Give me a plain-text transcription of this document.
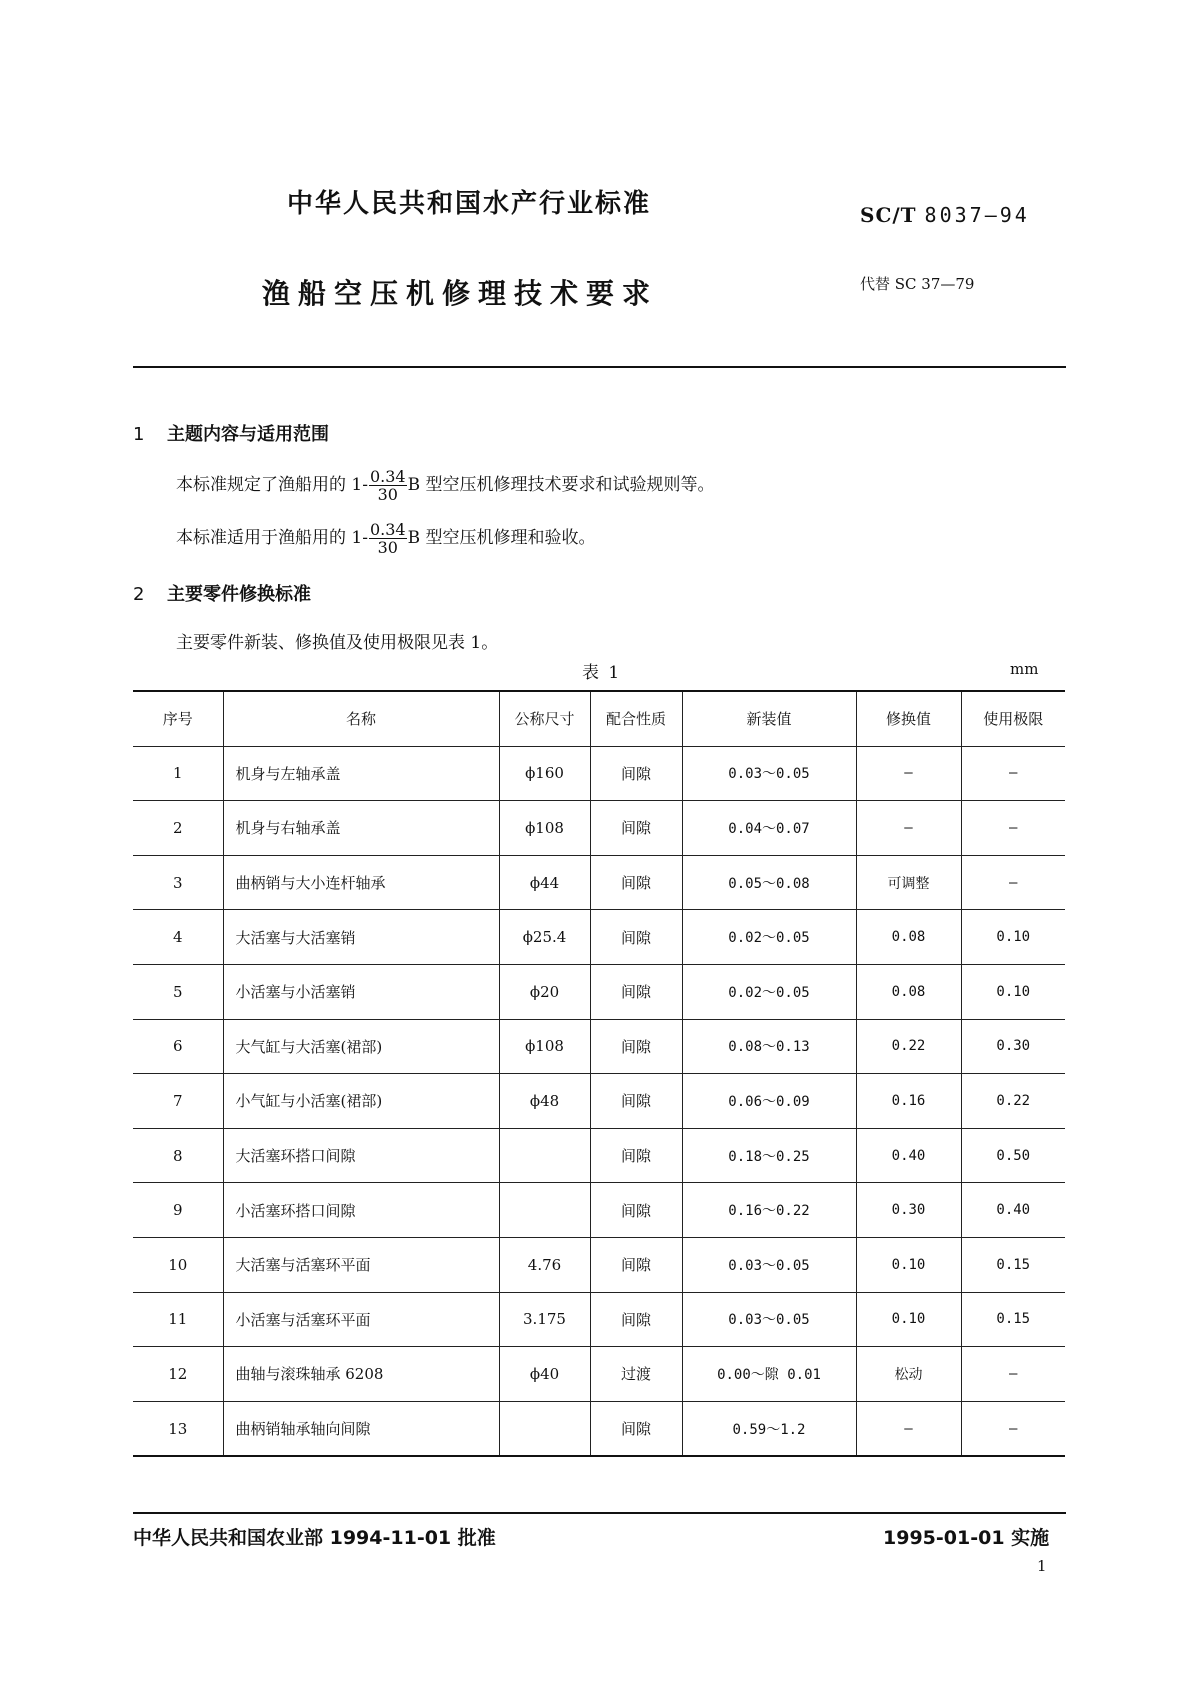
中华人民共和国水产行业标准	SC/T 8037—94
渔船空压机修理技术要求	代替 SC 37—79
1 主题内容与适用范围
本标准规定了渔船用的 $1- \frac{0.34}{30}$ B 型空压机修理技术要求和试验规则等。
本标准适用于渔船用的 $1- \frac{0.34}{30}$ B 型空压机修理和验收。
2 主要零件修换标准
主要零件新装、修换值及使用极限见表 1。
表 1	mm
序号	名称	公称尺寸	配合性质	新装值	修换值	使用极限
1	机身与左轴承盖	ϕ160	间隙	0.03～0.05	—	—
2	机身与右轴承盖	ϕ108	间隙	0.04～0.07	—	—
3	曲柄销与大小连杆轴承	ϕ44	间隙	0.05～0.08	可调整	—
4	大活塞与大活塞销	ϕ25.4	间隙	0.02～0.05	0.08	0.10
5	小活塞与小活塞销	ϕ20	间隙	0.02～0.05	0.08	0.10
6	大气缸与大活塞(裙部)	ϕ108	间隙	0.08～0.13	0.22	0.30
7	小气缸与小活塞(裙部)	ϕ48	间隙	0.06～0.09	0.16	0.22
8	大活塞环搭口间隙		间隙	0.18～0.25	0.40	0.50
9	小活塞环搭口间隙		间隙	0.16～0.22	0.30	0.40
10	大活塞与活塞环平面	4.76	间隙	0.03～0.05	0.10	0.15
11	小活塞与活塞环平面	3.175	间隙	0.03～0.05	0.10	0.15
12	曲轴与滚珠轴承 6208	ϕ40	过渡	0.00～隙 0.01	松动	—
13	曲柄销轴承轴向间隙		间隙	0.59～1.2	—	—
中华人民共和国农业部 1994-11-01 批准	1995-01-01 实施
1
